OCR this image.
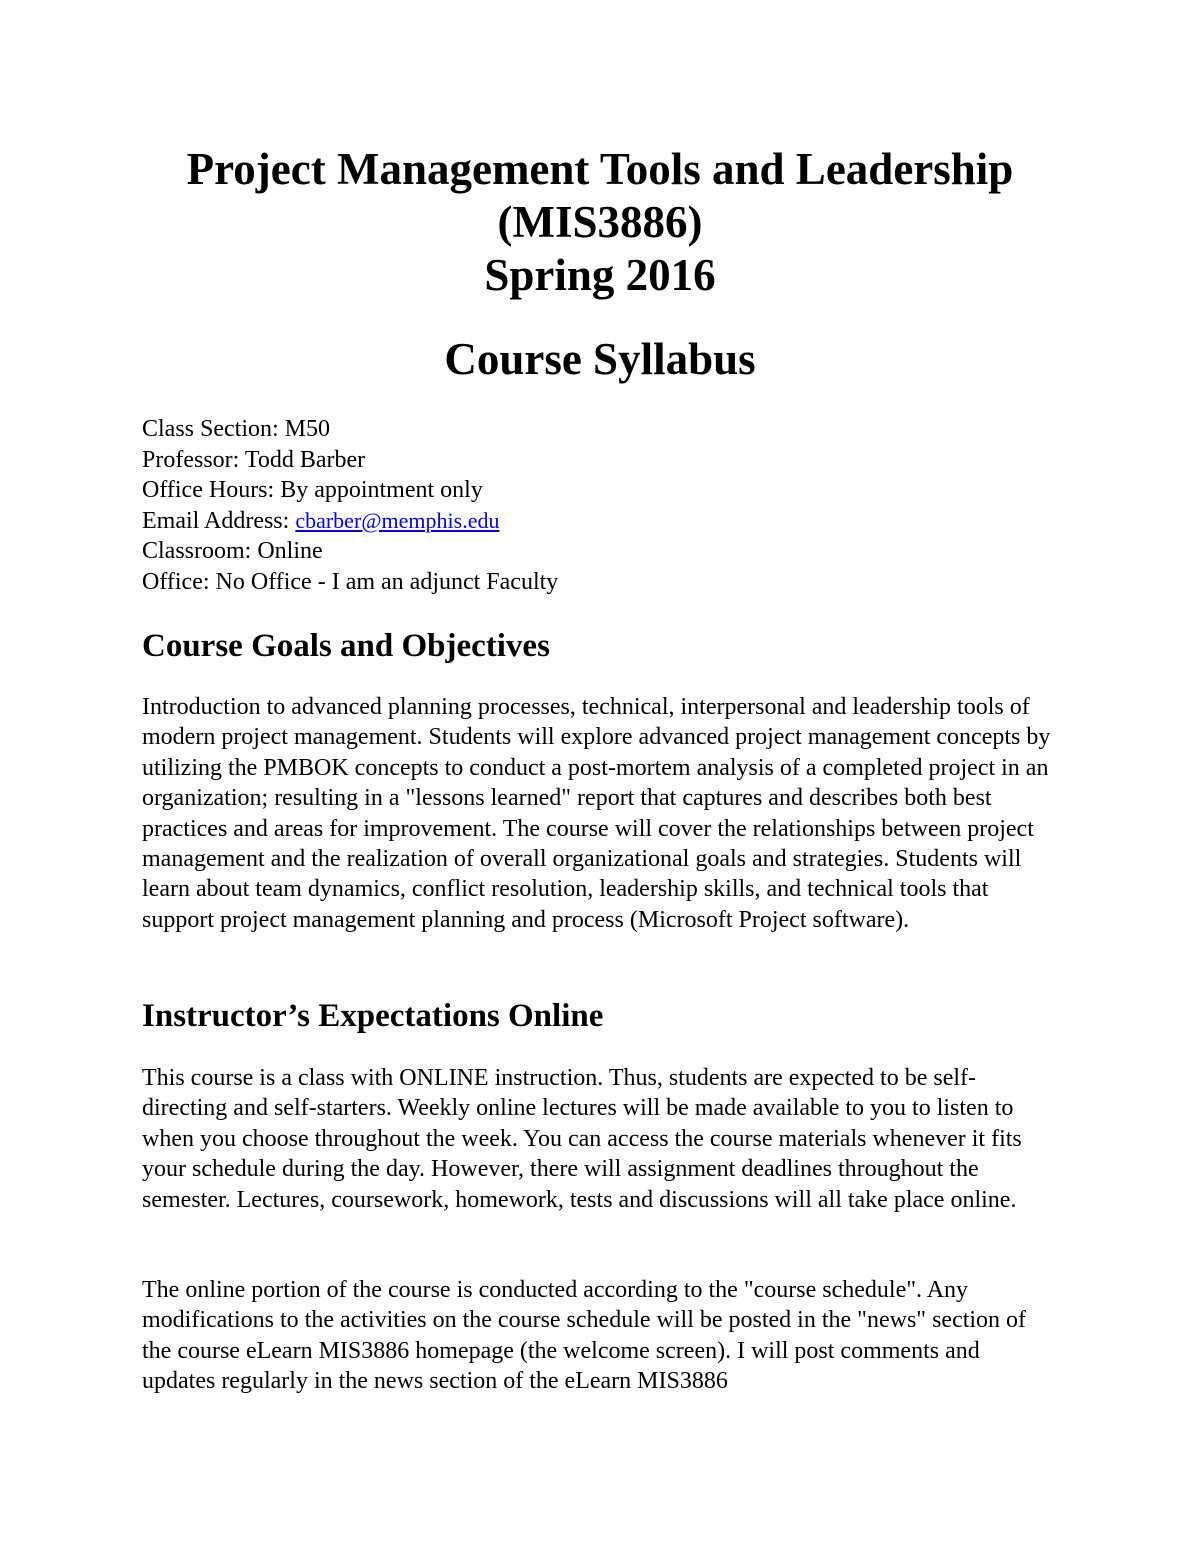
Project Management Tools and Leadership
(MIS3886)
Spring 2016
Course Syllabus
Class Section: M50
Professor: Todd Barber
Office Hours: By appointment only
Email Address: cbarber@memphis.edu
Classroom: Online
Office: No Office - I am an adjunct Faculty
Course Goals and Objectives

Introduction to advanced planning processes, technical, interpersonal and leadership tools of modern project management. Students will explore advanced project management concepts by utilizing the PMBOK concepts to conduct a post-mortem analysis of a completed project in an organization; resulting in a "lessons learned" report that captures and describes both best practices and areas for improvement. The course will cover the relationships between project management and the realization of overall organizational goals and strategies. Students will learn about team dynamics, conflict resolution, leadership skills, and technical tools that support project management planning and process (Microsoft Project software).

Instructor’s Expectations Online

This course is a class with ONLINE instruction. Thus, students are expected to be self-directing and self-starters. Weekly online lectures will be made available to you to listen to when you choose throughout the week. You can access the course materials whenever it fits your schedule during the day. However, there will assignment deadlines throughout the semester. Lectures, coursework, homework, tests and discussions will all take place online.

The online portion of the course is conducted according to the "course schedule". Any modifications to the activities on the course schedule will be posted in the "news" section of the course eLearn MIS3886 homepage (the welcome screen). I will post comments and updates regularly in the news section of the eLearn MIS3886
